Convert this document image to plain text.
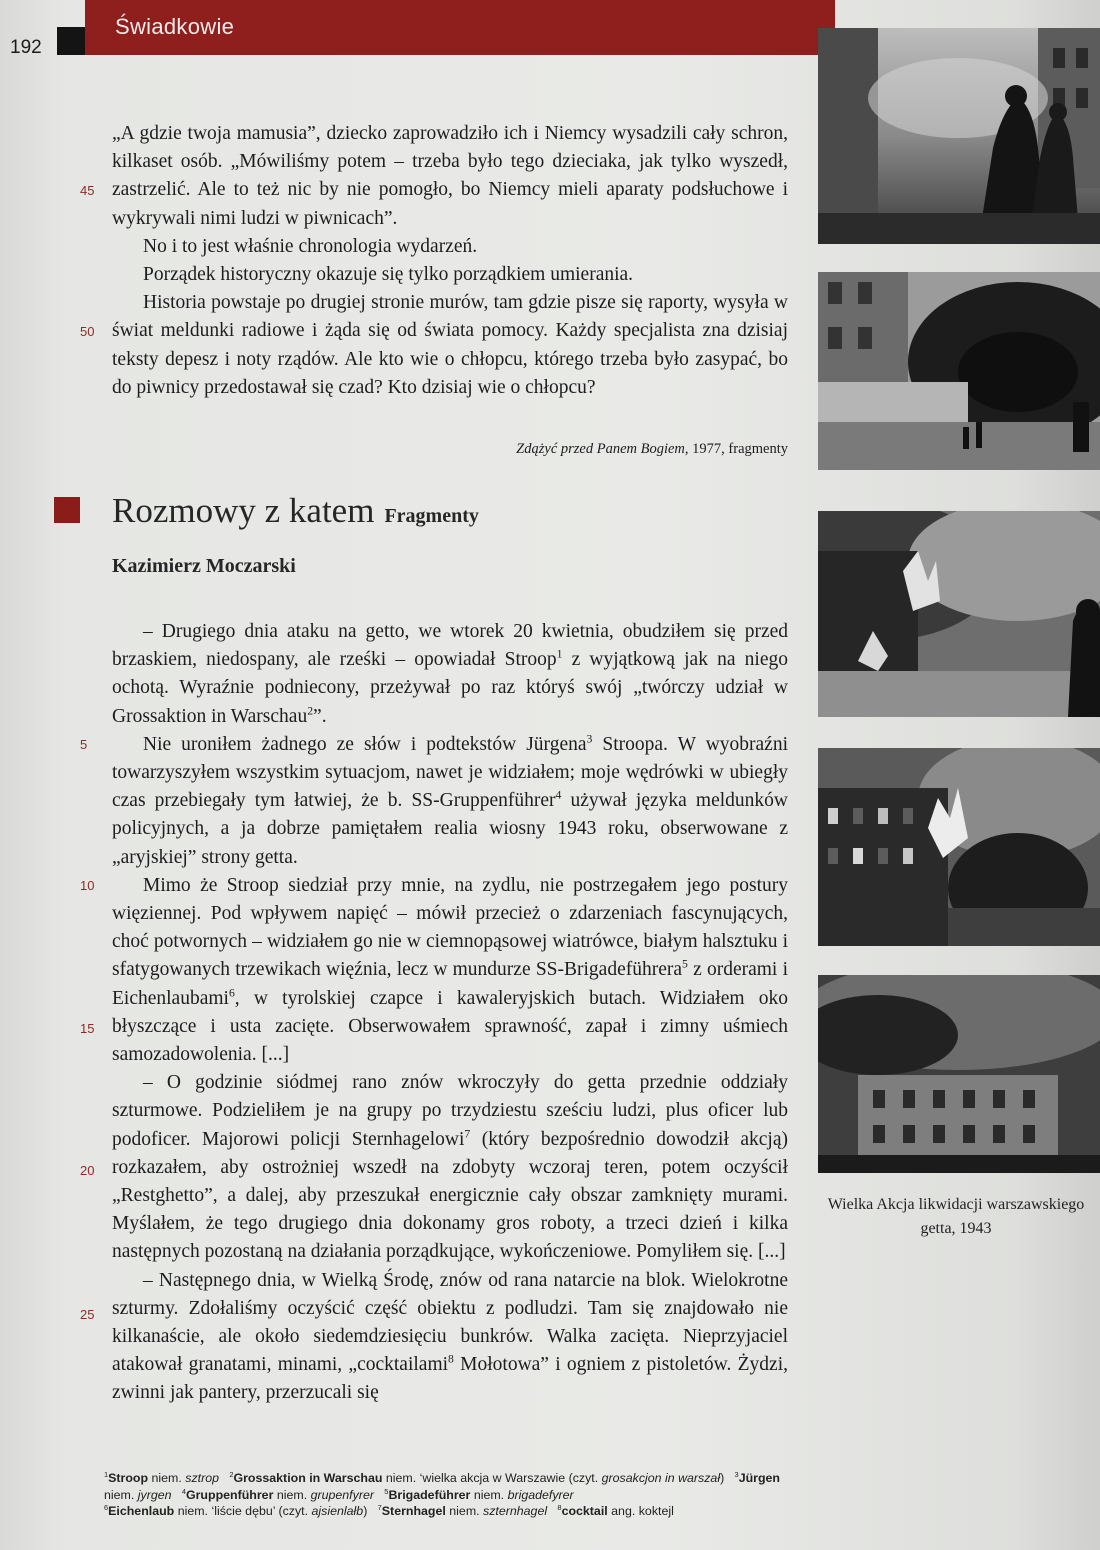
192
Świadkowie
45
50

„A gdzie twoja mamusia”, dziecko zaprowadziło ich i Niemcy wysadzili cały schron, kilkaset osób. „Mówiliśmy potem – trzeba było tego dzieciaka, jak tylko wyszedł, zastrzelić. Ale to też nic by nie pomogło, bo Niemcy mieli aparaty podsłuchowe i wykrywali nimi ludzi w piwnicach”.

No i to jest właśnie chronologia wydarzeń.

Porządek historyczny okazuje się tylko porządkiem umierania.

Historia powstaje po drugiej stronie murów, tam gdzie pisze się raporty, wysyła w świat meldunki radiowe i żąda się od świata pomocy. Każdy specjalista zna dzisiaj teksty depesz i noty rządów. Ale kto wie o chłopcu, którego trzeba było zasypać, bo do piwnicy przedostawał się czad? Kto dzisiaj wie o chłopcu?

Zdążyć przed Panem Bogiem, 1977, fragmenty
Rozmowy z katem Fragmenty
Kazimierz Moczarski
5
10
15
20
25

– Drugiego dnia ataku na getto, we wtorek 20 kwietnia, obudziłem się przed brzaskiem, niedospany, ale rześki – opowiadał Stroop$^1$ z wyjątkową jak na niego ochotą. Wyraźnie podniecony, przeżywał po raz któryś swój „twórczy udział w Grossaktion in Warschau$^2$”.

Nie uroniłem żadnego ze słów i podtekstów Jürgena$^3$ Stroopa. W wyobraźni towarzyszyłem wszystkim sytuacjom, nawet je widziałem; moje wędrówki w ubiegły czas przebiegały tym łatwiej, że b. SS-Gruppenführer$^4$ używał języka meldunków policyjnych, a ja dobrze pamiętałem realia wiosny 1943 roku, obserwowane z „aryjskiej” strony getta.

Mimo że Stroop siedział przy mnie, na zydlu, nie postrzegałem jego postury więziennej. Pod wpływem napięć – mówił przecież o zdarzeniach fascynujących, choć potwornych – widziałem go nie w ciemnopąsowej wiatrówce, białym halsztuku i sfatygowanych trzewikach więźnia, lecz w mundurze SS-Brigadeführera$^5$ z orderami i Eichenlaubami$^6$, w tyrolskiej czapce i kawaleryjskich butach. Widziałem oko błyszczące i usta zacięte. Obserwowałem sprawność, zapał i zimny uśmiech samozadowolenia. [...]

– O godzinie siódmej rano znów wkroczyły do getta przednie oddziały szturmowe. Podzieliłem je na grupy po trzydziestu sześciu ludzi, plus oficer lub podoficer. Majorowi policji Sternhagelowi$^7$ (który bezpośrednio dowodził akcją) rozkazałem, aby ostrożniej wszedł na zdobyty wczoraj teren, potem oczyścił „Restghetto”, a dalej, aby przeszukał energicznie cały obszar zamknięty murami. Myślałem, że tego drugiego dnia dokonamy gros roboty, a trzeci dzień i kilka następnych pozostaną na działania porządkujące, wykończeniowe. Pomyliłem się. [...]

– Następnego dnia, w Wielką Środę, znów od rana natarcie na blok. Wielokrotne szturmy. Zdołaliśmy oczyścić część obiektu z podludzi. Tam się znajdowało nie kilkanaście, ale około siedemdziesięciu bunkrów. Walka zacięta. Nieprzyjaciel atakował granatami, minami, „cocktailami$^8$ Mołotowa” i ogniem z pistoletów. Żydzi, zwinni jak pantery, przerzucali się

Wielka Akcja likwidacji warszawskiego getta, 1943
$^1$Stroop niem. sztrop $^2$Grossaktion in Warschau niem. ‘wielka akcja w Warszawie (czyt. grosakcjon in warszał) $^3$Jürgen niem. jyrgen $^4$Gruppenführer niem. grupenfyrer $^5$Brigadeführer niem. brigadefyrer
$^6$Eichenlaub niem. ‘liście dębu’ (czyt. ajsienlałb) $^7$Sternhagel niem. szternhagel $^8$cocktail ang. koktejl
